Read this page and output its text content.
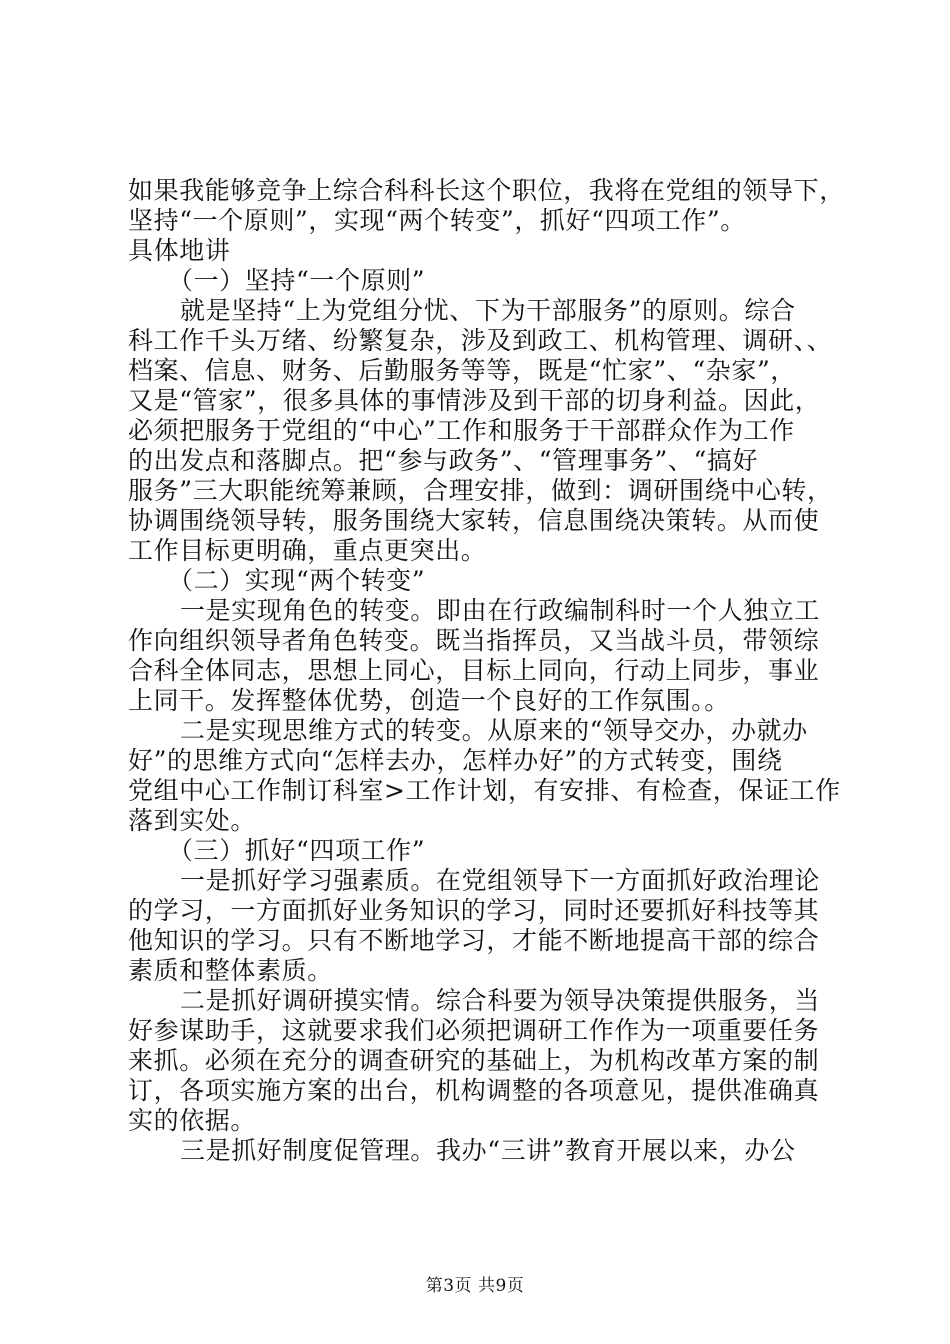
如果我能够竞争上综合科科长这个职位，我将在党组的领导下，
坚持“一个原则”，实现“两个转变”，抓好“四项工作”。
具体地讲
（一）坚持“一个原则”
就是坚持“上为党组分忧、下为干部服务”的原则。综合
科工作千头万绪、纷繁复杂，涉及到政工、机构管理、调研、、
档案、信息、财务、后勤服务等等，既是“忙家”、“杂家”，
又是“管家”，很多具体的事情涉及到干部的切身利益。因此，
必须把服务于党组的“中心”工作和服务于干部群众作为工作
的出发点和落脚点。把“参与政务”、“管理事务”、“搞好
服务”三大职能统筹兼顾，合理安排，做到：调研围绕中心转，
协调围绕领导转，服务围绕大家转，信息围绕决策转。从而使
工作目标更明确，重点更突出。
（二）实现“两个转变”
一是实现角色的转变。即由在行政编制科时一个人独立工
作向组织领导者角色转变。既当指挥员，又当战斗员，带领综
合科全体同志，思想上同心，目标上同向，行动上同步，事业
上同干。发挥整体优势，创造一个良好的工作氛围。。
二是实现思维方式的转变。从原来的“领导交办，办就办
好”的思维方式向“怎样去办，怎样办好”的方式转变，围绕
党组中心工作制订科室>工作计划，有安排、有检查，保证工作
落到实处。
（三）抓好“四项工作”
一是抓好学习强素质。在党组领导下一方面抓好政治理论
的学习，一方面抓好业务知识的学习，同时还要抓好科技等其
他知识的学习。只有不断地学习，才能不断地提高干部的综合
素质和整体素质。
二是抓好调研摸实情。综合科要为领导决策提供服务，当
好参谋助手，这就要求我们必须把调研工作作为一项重要任务
来抓。必须在充分的调查研究的基础上，为机构改革方案的制
订，各项实施方案的出台，机构调整的各项意见，提供准确真
实的依据。
三是抓好制度促管理。我办“三讲”教育开展以来，办公
第3页 共9页
